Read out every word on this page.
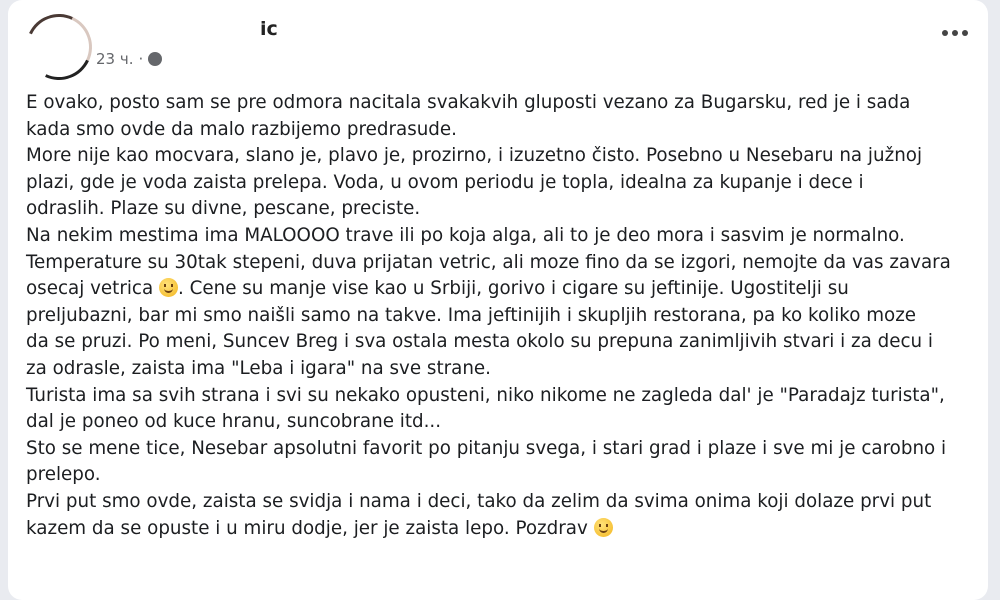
ic
23 ч. ·
E ovako, posto sam se pre odmora nacitala svakakvih gluposti vezano za Bugarsku, red je i sada
kada smo ovde da malo razbijemo predrasude.
More nije kao mocvara, slano je, plavo je, prozirno, i izuzetno čisto. Posebno u Nesebaru na južnoj
plazi, gde je voda zaista prelepa. Voda, u ovom periodu je topla, idealna za kupanje i dece i
odraslih. Plaze su divne, pescane, preciste.
Na nekim mestima ima MALOOOO trave ili po koja alga, ali to je deo mora i sasvim je normalno.
Temperature su 30tak stepeni, duva prijatan vetric, ali moze fino da se izgori, nemojte da vas zavara
osecaj vetrica . Cene su manje vise kao u Srbiji, gorivo i cigare su jeftinije. Ugostitelji su
preljubazni, bar mi smo naišli samo na takve. Ima jeftinijih i skupljih restorana, pa ko koliko moze
da se pruzi. Po meni, Suncev Breg i sva ostala mesta okolo su prepuna zanimljivih stvari i za decu i
za odrasle, zaista ima "Leba i igara" na sve strane.
Turista ima sa svih strana i svi su nekako opusteni, niko nikome ne zagleda dal' je "Paradajz turista",
dal je poneo od kuce hranu, suncobrane itd...
Sto se mene tice, Nesebar apsolutni favorit po pitanju svega, i stari grad i plaze i sve mi je carobno i
prelepo.
Prvi put smo ovde, zaista se svidja i nama i deci, tako da zelim da svima onima koji dolaze prvi put
kazem da se opuste i u miru dodje, jer je zaista lepo. Pozdrav
